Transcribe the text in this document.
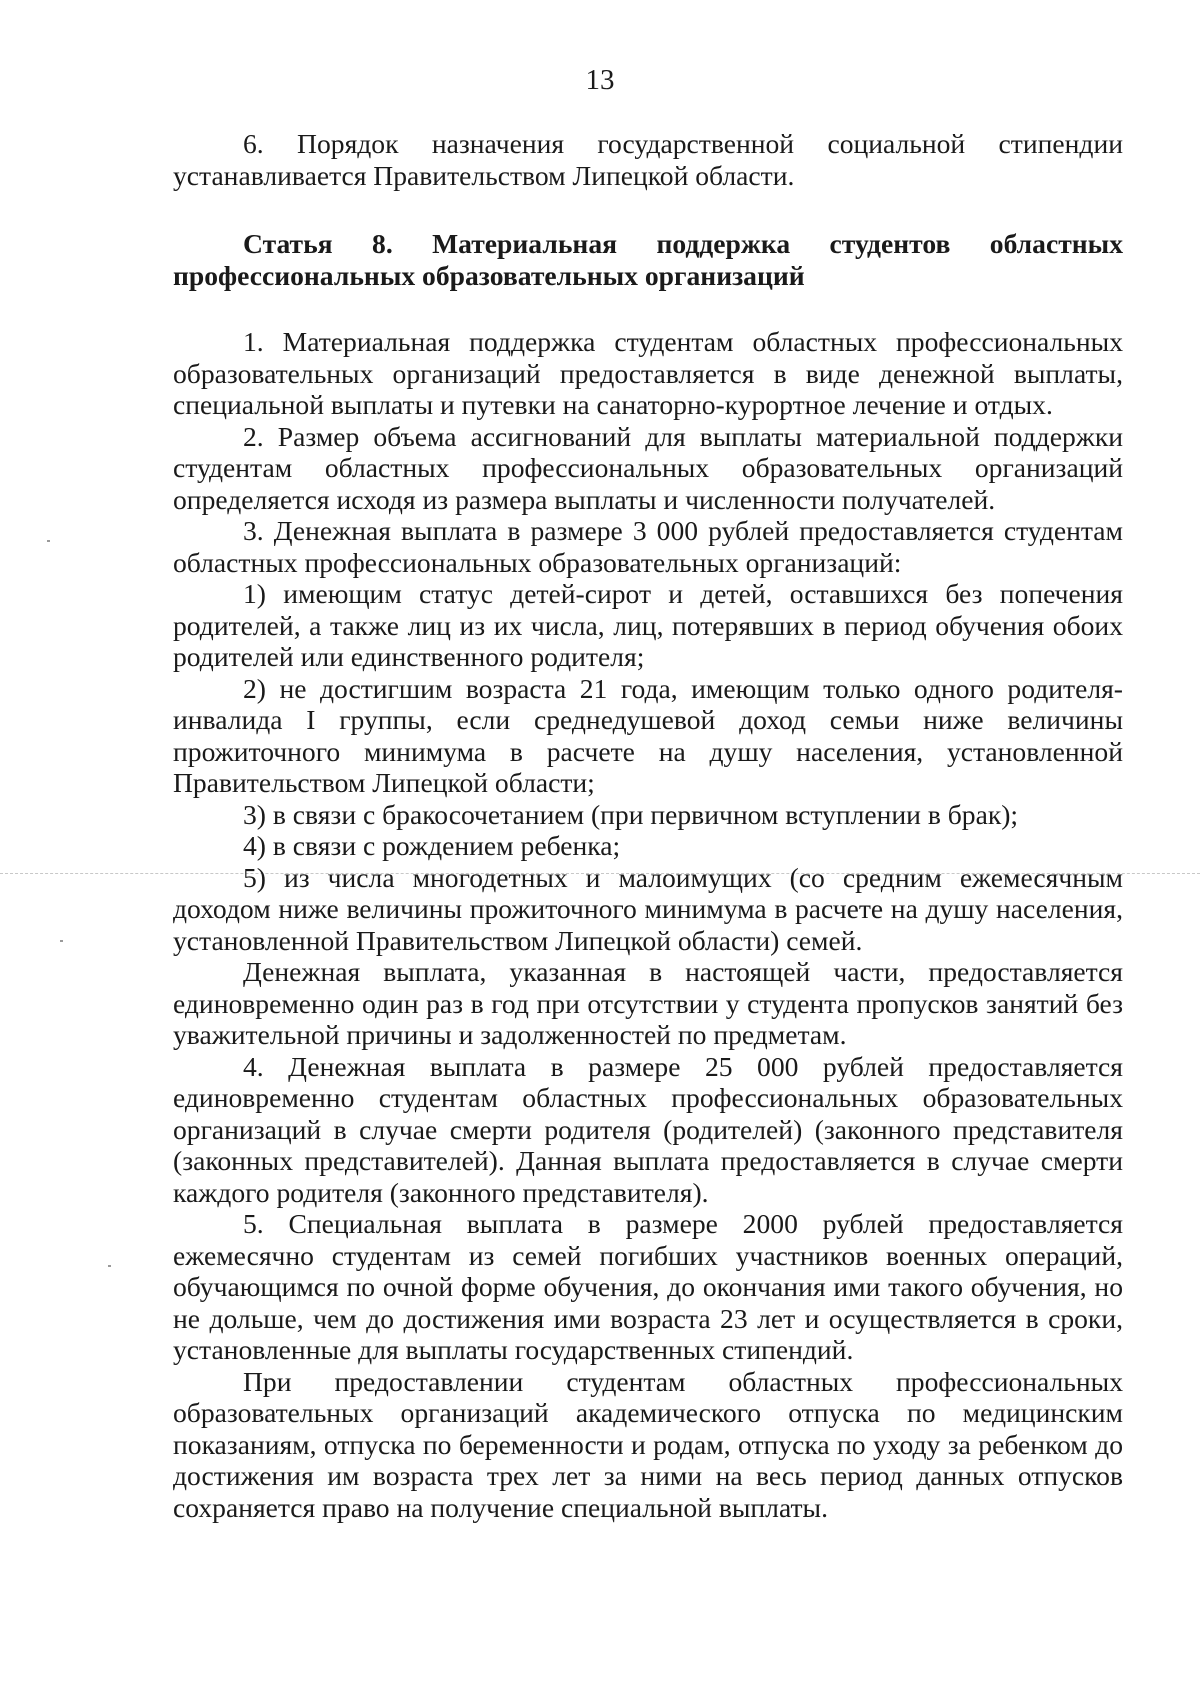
13

6. Порядок назначения государственной социальной стипендии устанавливается Правительством Липецкой области.

Статья 8. Материальная поддержка студентов областных профессиональных образовательных организаций

1. Материальная поддержка студентам областных профессиональных образовательных организаций предоставляется в виде денежной выплаты, специальной выплаты и путевки на санаторно-курортное лечение и отдых.

2. Размер объема ассигнований для выплаты материальной поддержки студентам областных профессиональных образовательных организаций определяется исходя из размера выплаты и численности получателей.

3. Денежная выплата в размере 3 000 рублей предоставляется студентам областных профессиональных образовательных организаций:

1) имеющим статус детей-сирот и детей, оставшихся без попечения родителей, а также лиц из их числа, лиц, потерявших в период обучения обоих родителей или единственного родителя;

2) не достигшим возраста 21 года, имеющим только одного родителя-инвалида I группы, если среднедушевой доход семьи ниже величины прожиточного минимума в расчете на душу населения, установленной Правительством Липецкой области;

3) в связи с бракосочетанием (при первичном вступлении в брак);

4) в связи с рождением ребенка;

5) из числа многодетных и малоимущих (со средним ежемесячным доходом ниже величины прожиточного минимума в расчете на душу населения, установленной Правительством Липецкой области) семей.

Денежная выплата, указанная в настоящей части, предоставляется единовременно один раз в год при отсутствии у студента пропусков занятий без уважительной причины и задолженностей по предметам.

4. Денежная выплата в размере 25 000 рублей предоставляется единовременно студентам областных профессиональных образовательных организаций в случае смерти родителя (родителей) (законного представителя (законных представителей). Данная выплата предоставляется в случае смерти каждого родителя (законного представителя).

5. Специальная выплата в размере 2000 рублей предоставляется ежемесячно студентам из семей погибших участников военных операций, обучающимся по очной форме обучения, до окончания ими такого обучения, но не дольше, чем до достижения ими возраста 23 лет и осуществляется в сроки, установленные для выплаты государственных стипендий.

При предоставлении студентам областных профессиональных образовательных организаций академического отпуска по медицинским показаниям, отпуска по беременности и родам, отпуска по уходу за ребенком до достижения им возраста трех лет за ними на весь период данных отпусков сохраняется право на получение специальной выплаты.
